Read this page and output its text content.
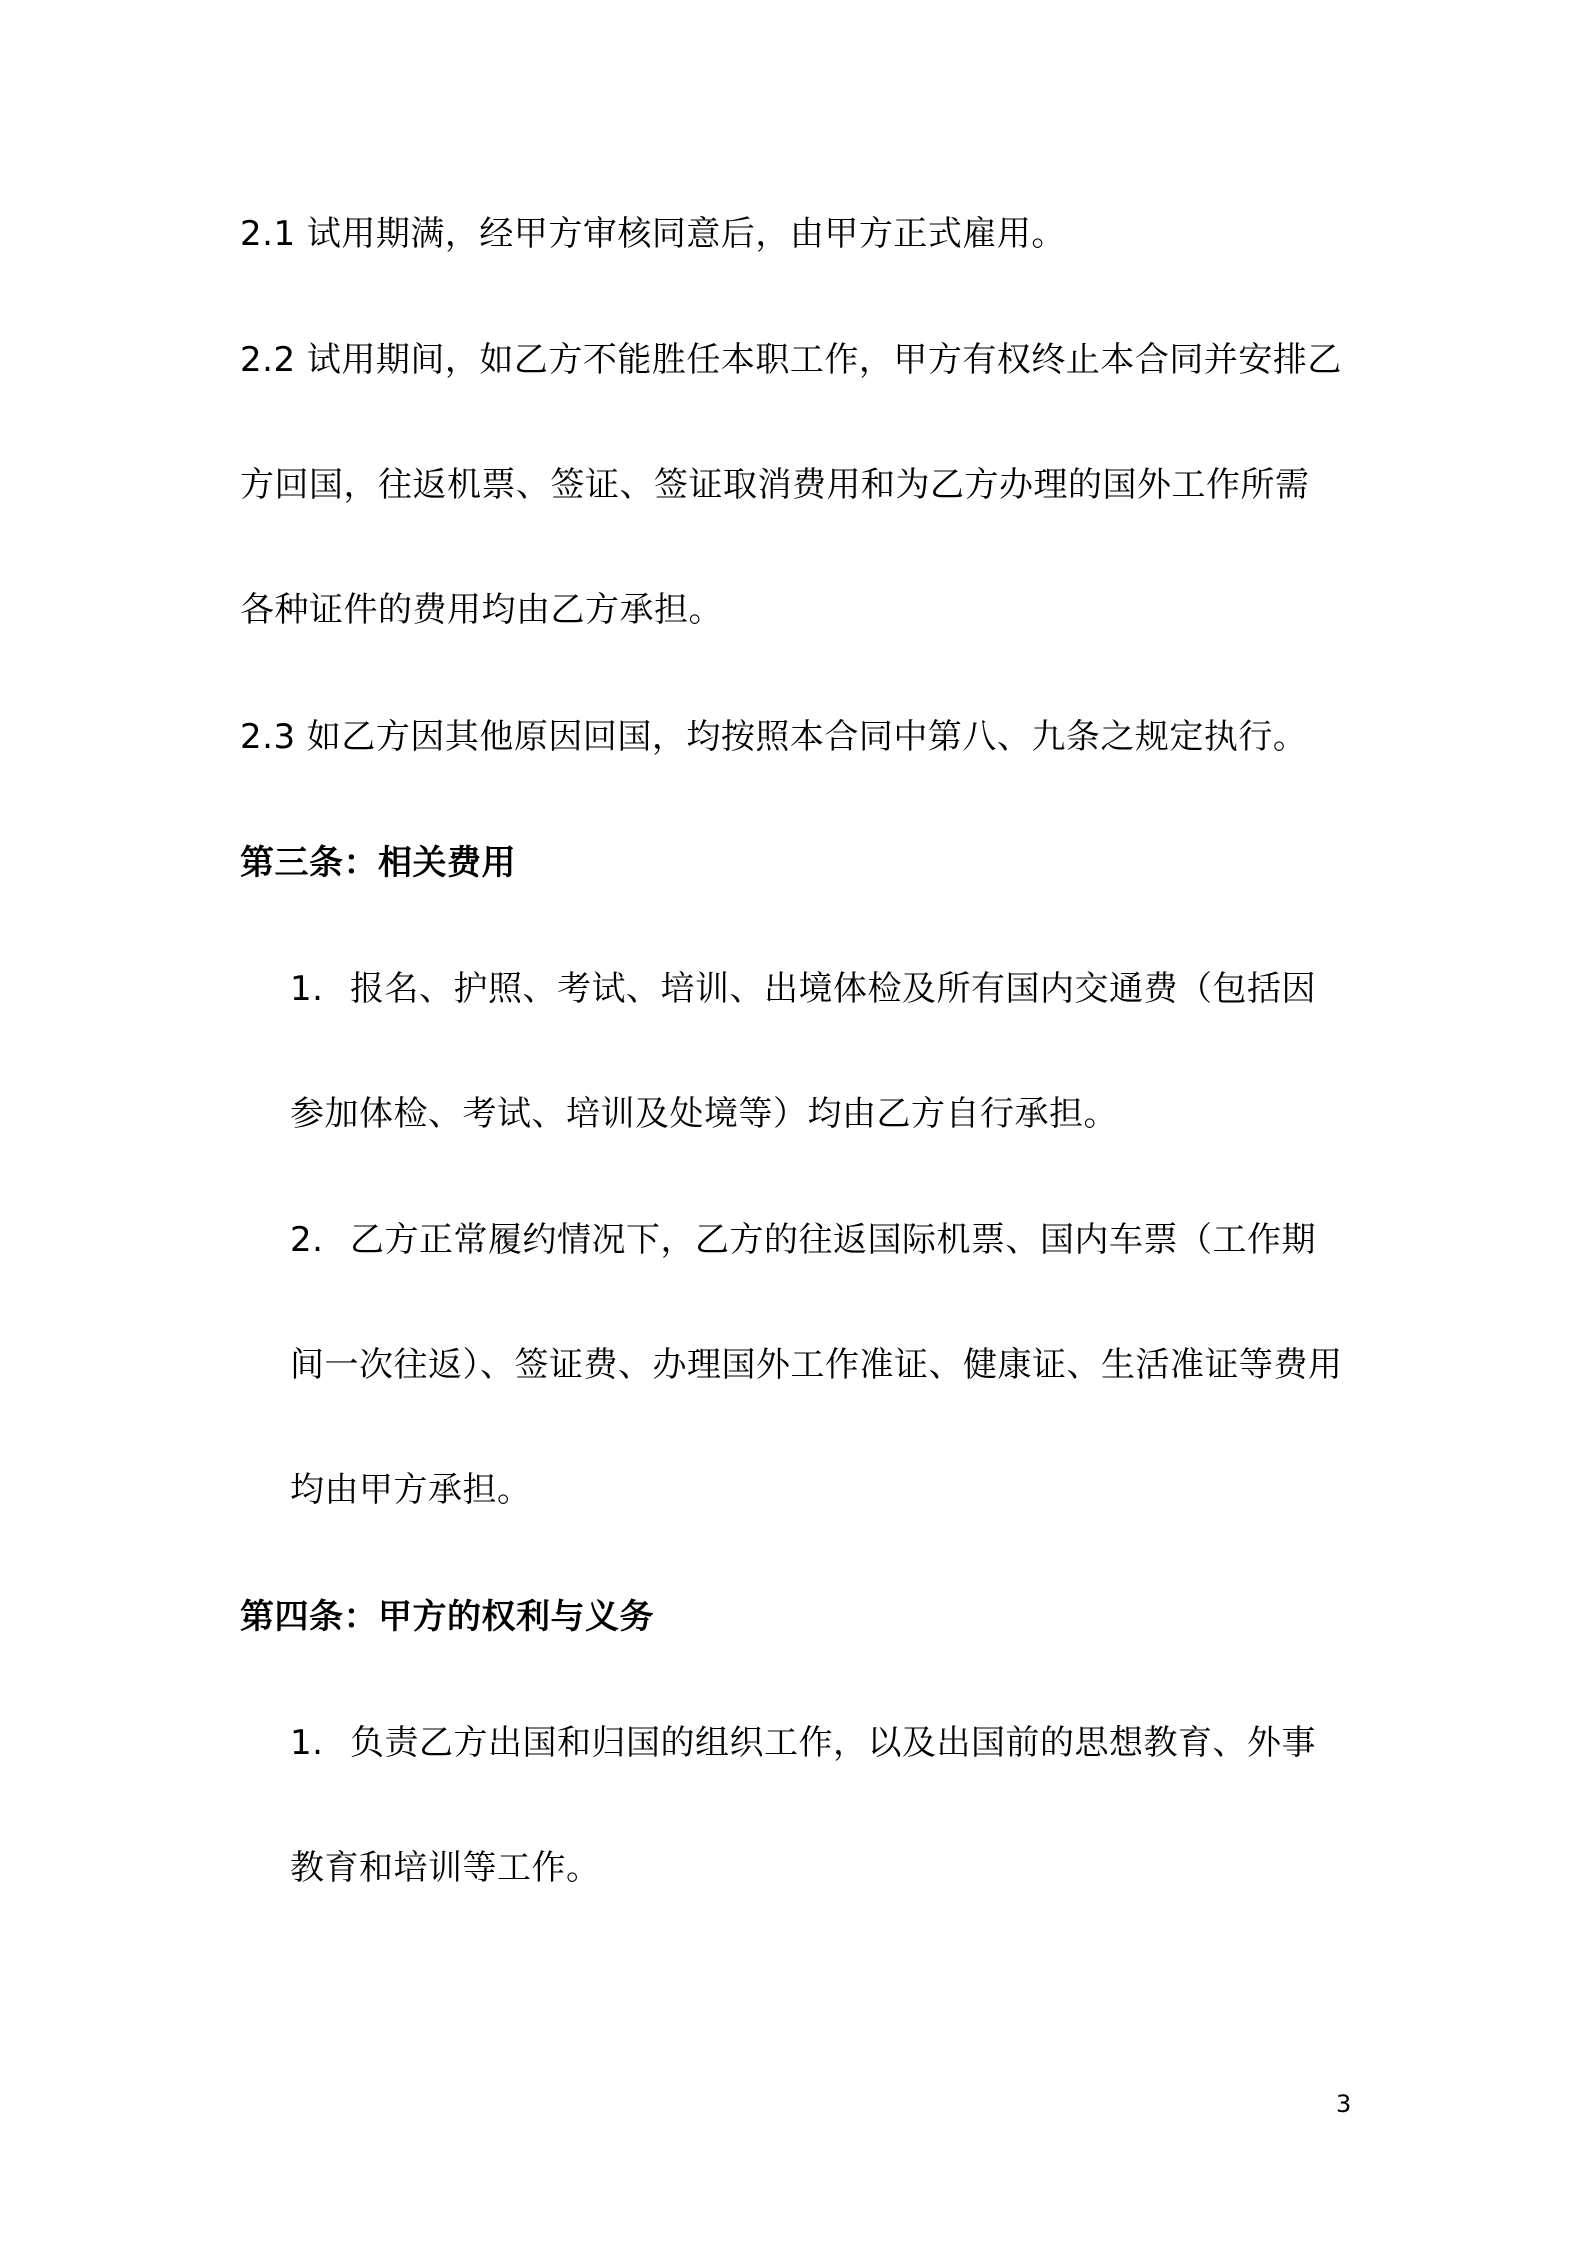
2.1 试用期满，经甲方审核同意后，由甲方正式雇用。
2.2 试用期间，如乙方不能胜任本职工作，甲方有权终止本合同并安排乙
方回国，往返机票、签证、签证取消费用和为乙方办理的国外工作所需
各种证件的费用均由乙方承担。
2.3 如乙方因其他原因回国，均按照本合同中第八、九条之规定执行。
第三条：相关费用
1. 报名、护照、考试、培训、出境体检及所有国内交通费（包括因
参加体检、考试、培训及处境等）均由乙方自行承担。
2. 乙方正常履约情况下，乙方的往返国际机票、国内车票（工作期
间一次往返）、签证费、办理国外工作准证、健康证、生活准证等费用
均由甲方承担。
第四条：甲方的权利与义务
1. 负责乙方出国和归国的组织工作，以及出国前的思想教育、外事
教育和培训等工作。
3
